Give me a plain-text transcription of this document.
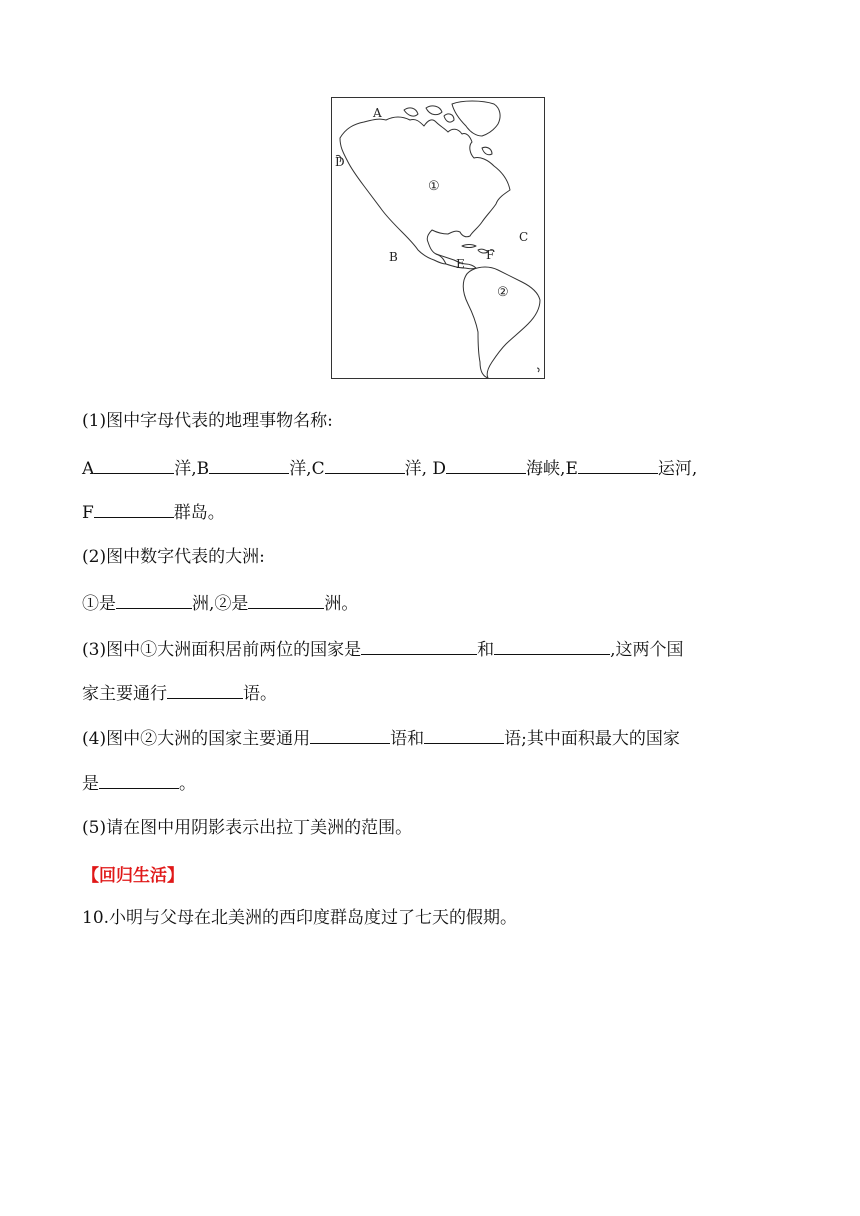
A
D
①
F
C
B	E
②
(1)图中字母代表的地理事物名称:
A	洋,B	洋,C	洋, D	海峡,E	运河,
F	群岛。
(2)图中数字代表的大洲:
①是	洲,②是	洲。
(3)图中①大洲面积居前两位的国家是	和	,这两个国
家主要通行	语。
(4)图中②大洲的国家主要通用	语和	语;其中面积最大的国家
是	。
(5)请在图中用阴影表示出拉丁美洲的范围。
【回归生活】
10.小明与父母在北美洲的西印度群岛度过了七天的假期。
